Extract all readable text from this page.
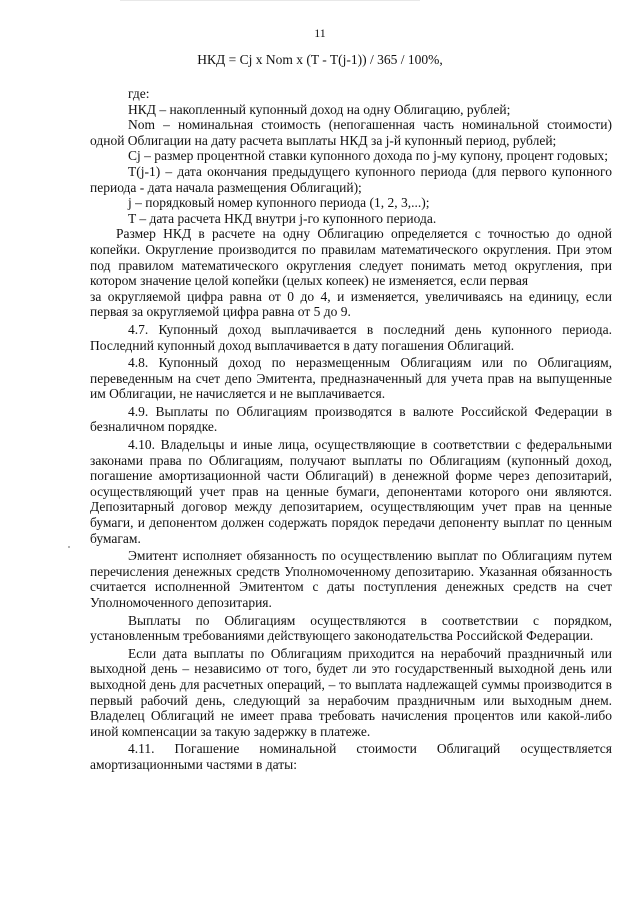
11
НКД = Cj x Nom x (T - T(j-1)) / 365 / 100%,

где:

НКД – накопленный купонный доход на одну Облигацию, рублей;

Nom – номинальная стоимость (непогашенная часть номинальной стоимости) одной Облигации на дату расчета выплаты НКД за j-й купонный период, рублей;

Cj – размер процентной ставки купонного дохода по j-му купону, процент годовых;

T(j-1) – дата окончания предыдущего купонного периода (для первого купонного периода - дата начала размещения Облигаций);

j – порядковый номер купонного периода (1, 2, 3,...);

T – дата расчета НКД внутри j-го купонного периода.

Размер НКД в расчете на одну Облигацию определяется с точностью до одной копейки. Округление производится по правилам математического округления. При этом под правилом математического округления следует понимать метод округления, при котором значение целой копейки (целых копеек) не изменяется, если первая

за округляемой цифра равна от 0 до 4, и изменяется, увеличиваясь на единицу, если первая за округляемой цифра равна от 5 до 9.

4.7. Купонный доход выплачивается в последний день купонного периода. Последний купонный доход выплачивается в дату погашения Облигаций.

4.8. Купонный доход по неразмещенным Облигациям или по Облигациям, переведенным на счет депо Эмитента, предназначенный для учета прав на выпущенные им Облигации, не начисляется и не выплачивается.

4.9. Выплаты по Облигациям производятся в валюте Российской Федерации в безналичном порядке.

4.10. Владельцы и иные лица, осуществляющие в соответствии с федеральными законами права по Облигациям, получают выплаты по Облигациям (купонный доход, погашение амортизационной части Облигаций) в денежной форме через депозитарий, осуществляющий учет прав на ценные бумаги, депонентами которого они являются. Депозитарный договор между депозитарием, осуществляющим учет прав на ценные бумаги, и депонентом должен содержать порядок передачи депоненту выплат по ценным бумагам.

Эмитент исполняет обязанность по осуществлению выплат по Облигациям путем перечисления денежных средств Уполномоченному депозитарию. Указанная обязанность считается исполненной Эмитентом с даты поступления денежных средств на счет Уполномоченного депозитария.

Выплаты по Облигациям осуществляются в соответствии с порядком, установленным требованиями действующего законодательства Российской Федерации.

Если дата выплаты по Облигациям приходится на нерабочий праздничный или выходной день – независимо от того, будет ли это государственный выходной день или выходной день для расчетных операций, – то выплата надлежащей суммы производится в первый рабочий день, следующий за нерабочим праздничным или выходным днем. Владелец Облигаций не имеет права требовать начисления процентов или какой-либо иной компенсации за такую задержку в платеже.

4.11. Погашение номинальной стоимости Облигаций осуществляется амортизационными частями в даты:
